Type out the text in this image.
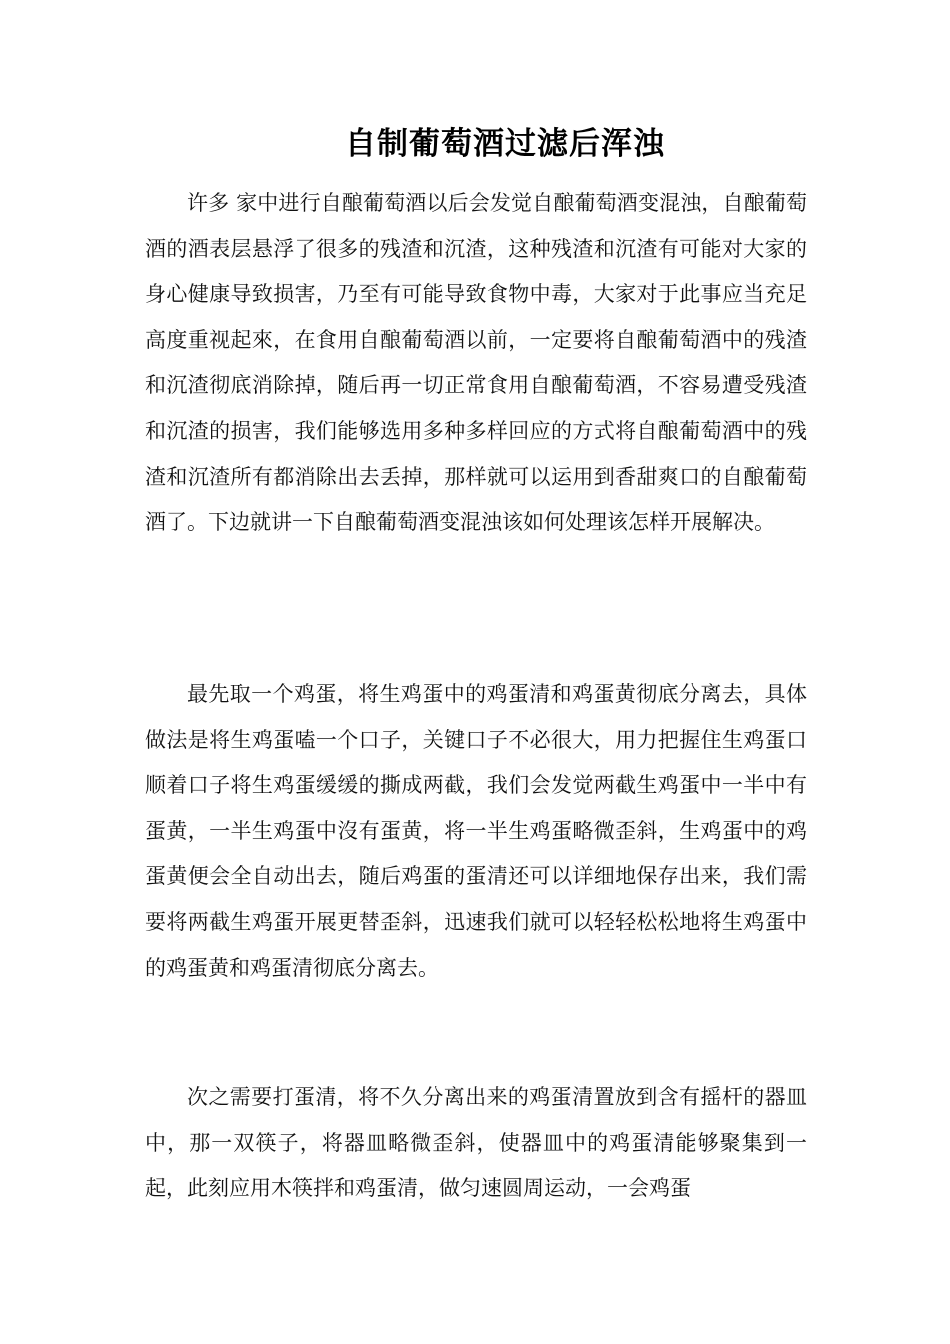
自制葡萄酒过滤后浑浊

许多 家中进行自酿葡萄酒以后会发觉自酿葡萄酒变混浊，自酿葡萄酒的酒表层悬浮了很多的残渣和沉渣，这种残渣和沉渣有可能对大家的身心健康导致损害，乃至有可能导致食物中毒，大家对于此事应当充足高度重视起來，在食用自酿葡萄酒以前，一定要将自酿葡萄酒中的残渣和沉渣彻底消除掉，随后再一切正常食用自酿葡萄酒，不容易遭受残渣和沉渣的损害，我们能够选用多种多样回应的方式将自酿葡萄酒中的残渣和沉渣所有都消除出去丢掉，那样就可以运用到香甜爽口的自酿葡萄酒了。下边就讲一下自酿葡萄酒变混浊该如何处理该怎样开展解决。

最先取一个鸡蛋，将生鸡蛋中的鸡蛋清和鸡蛋黄彻底分离去，具体做法是将生鸡蛋嗑一个口子，关键口子不必很大，用力把握住生鸡蛋口顺着口子将生鸡蛋缓缓的撕成两截，我们会发觉两截生鸡蛋中一半中有蛋黄，一半生鸡蛋中沒有蛋黄，将一半生鸡蛋略微歪斜，生鸡蛋中的鸡蛋黄便会全自动出去，随后鸡蛋的蛋清还可以详细地保存出来，我们需要将两截生鸡蛋开展更替歪斜，迅速我们就可以轻轻松松地将生鸡蛋中的鸡蛋黄和鸡蛋清彻底分离去。

次之需要打蛋清，将不久分离出来的鸡蛋清置放到含有摇杆的器皿中，那一双筷子，将器皿略微歪斜，使器皿中的鸡蛋清能够聚集到一起，此刻应用木筷拌和鸡蛋清，做匀速圆周运动，一会鸡蛋
